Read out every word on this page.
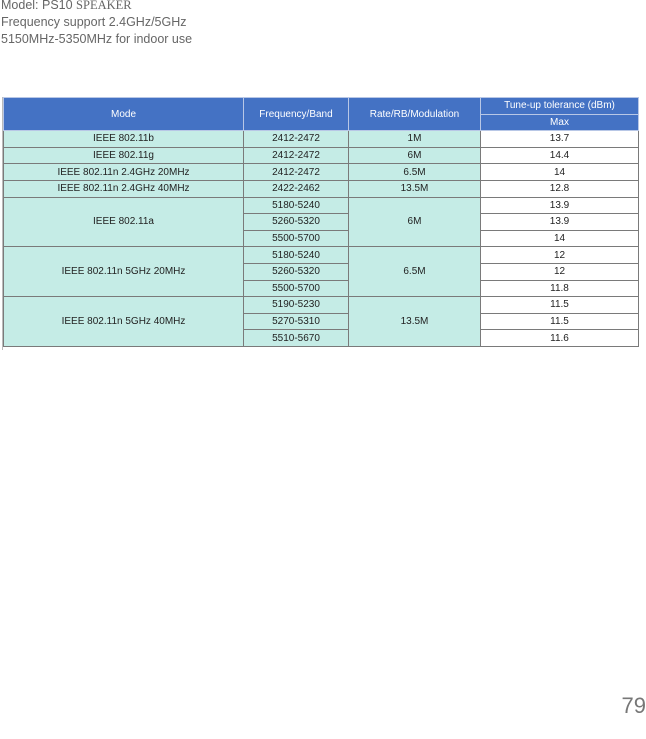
Model: PS10 SPEAKER
Frequency support 2.4GHz/5GHz
5150MHz-5350MHz for indoor use
Mode	Frequency/Band	Rate/RB/Modulation	Tune-up tolerance (dBm)
			Max
IEEE 802.11b	2412-2472	1M	13.7
IEEE 802.11g	2412-2472	6M	14.4
IEEE 802.11n 2.4GHz 20MHz	2412-2472	6.5M	14
IEEE 802.11n 2.4GHz 40MHz	2422-2462	13.5M	12.8
IEEE 802.11a	5180-5240	6M	13.9
	5260-5320		13.9
	5500-5700		14
IEEE 802.11n 5GHz 20MHz	5180-5240	6.5M	12
	5260-5320		12
	5500-5700		11.8
IEEE 802.11n 5GHz 40MHz	5190-5230	13.5M	11.5
	5270-5310		11.5
	5510-5670		11.6
79
